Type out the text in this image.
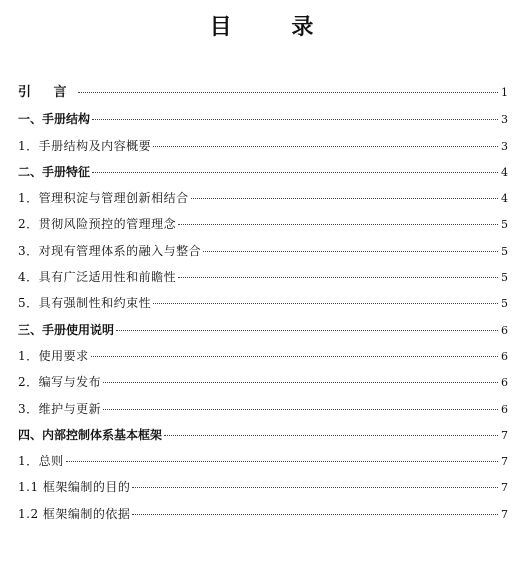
目 录
引 言	1
一、手册结构	3
1．手册结构及内容概要	3
二、手册特征	4
1．管理积淀与管理创新相结合	4
2．贯彻风险预控的管理理念	5
3．对现有管理体系的融入与整合	5
4．具有广泛适用性和前瞻性	5
5．具有强制性和约束性	5
三、手册使用说明	6
1．使用要求	6
2．编写与发布	6
3．维护与更新	6
四、内部控制体系基本框架	7
1．总则	7
1.1 框架编制的目的	7
1.2 框架编制的依据	7
